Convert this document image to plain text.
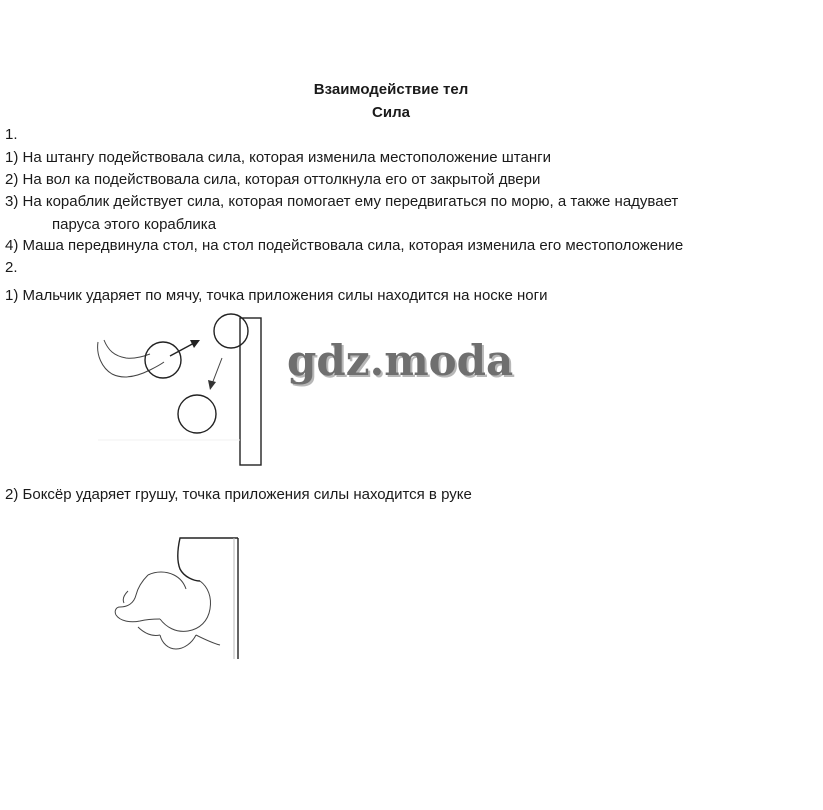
Взаимодействие тел
Сила
1.
1) На штангу подействовала сила, которая изменила местоположение штанги
2) На вол ка подействовала сила, которая оттолкнула его от закрытой двери
3) На кораблик действует сила, которая помогает ему передвигаться по морю, а также надувает
паруса этого кораблика
4) Маша передвинула стол, на стол подействовала сила, которая изменила его местоположение
2.
1) Мальчик ударяет по мячу, точка приложения силы находится на носке ноги
gdz.moda
2) Боксёр ударяет грушу, точка приложения силы находится в руке
